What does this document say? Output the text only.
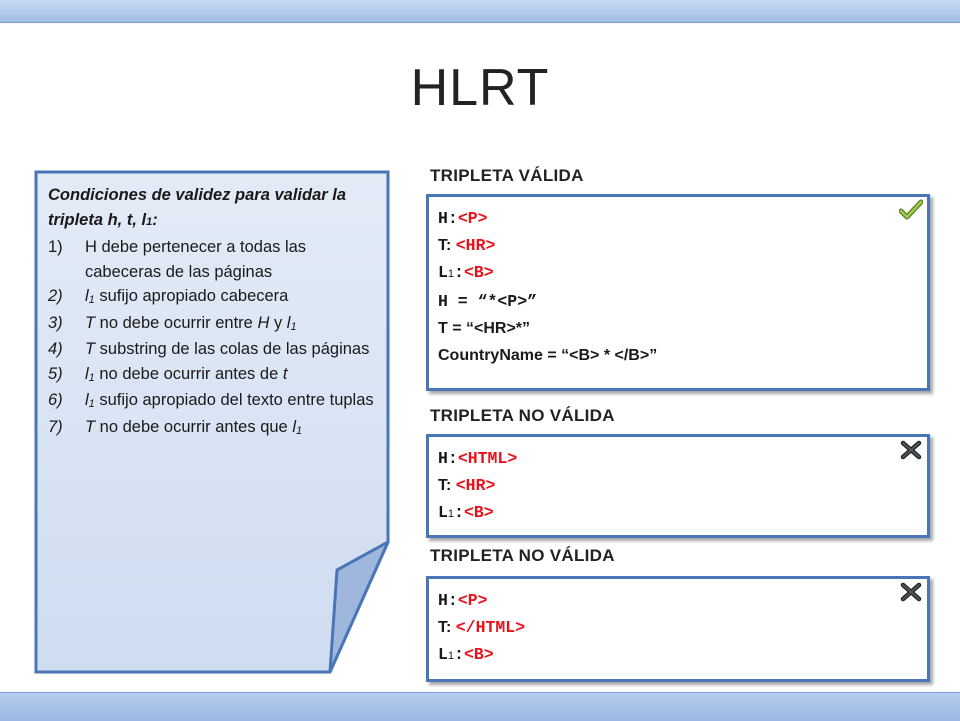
HLRT
Condiciones de validez para validar la tripleta h, t, l1:
1) H debe pertenecer a todas las cabeceras de las páginas
2) l1 sufijo apropiado cabecera
3) T no debe ocurrir entre H y l1
4) T substring de las colas de las páginas
5) l1 no debe ocurrir antes de t
6) l1 sufijo apropiado del texto entre tuplas
7) T no debe ocurrir antes que l1
TRIPLETA VÁLIDA
H:<P>
T: <HR>
L1:<B>
H = “*<P>”
T = “<HR>*”
CountryName = “<B> * </B>”
TRIPLETA NO VÁLIDA
H:<HTML>
T: <HR>
L1:<B>
TRIPLETA NO VÁLIDA
H:<P>
T: </HTML>
L1:<B>
